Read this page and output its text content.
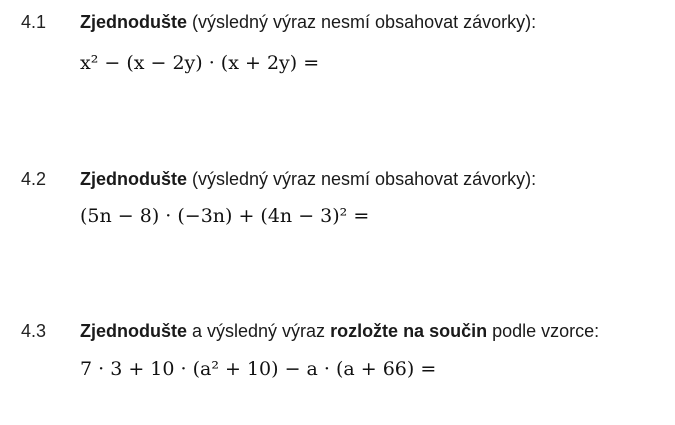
4.1 Zjednodušte (výsledný výraz nesmí obsahovat závorky):
x² − (x − 2y) · (x + 2y) =
4.2 Zjednodušte (výsledný výraz nesmí obsahovat závorky):
(5n − 8) · (−3n) + (4n − 3)² =
4.3 Zjednodušte a výsledný výraz rozložte na součin podle vzorce:
7 · 3 + 10 · (a² + 10) − a · (a + 66) =
